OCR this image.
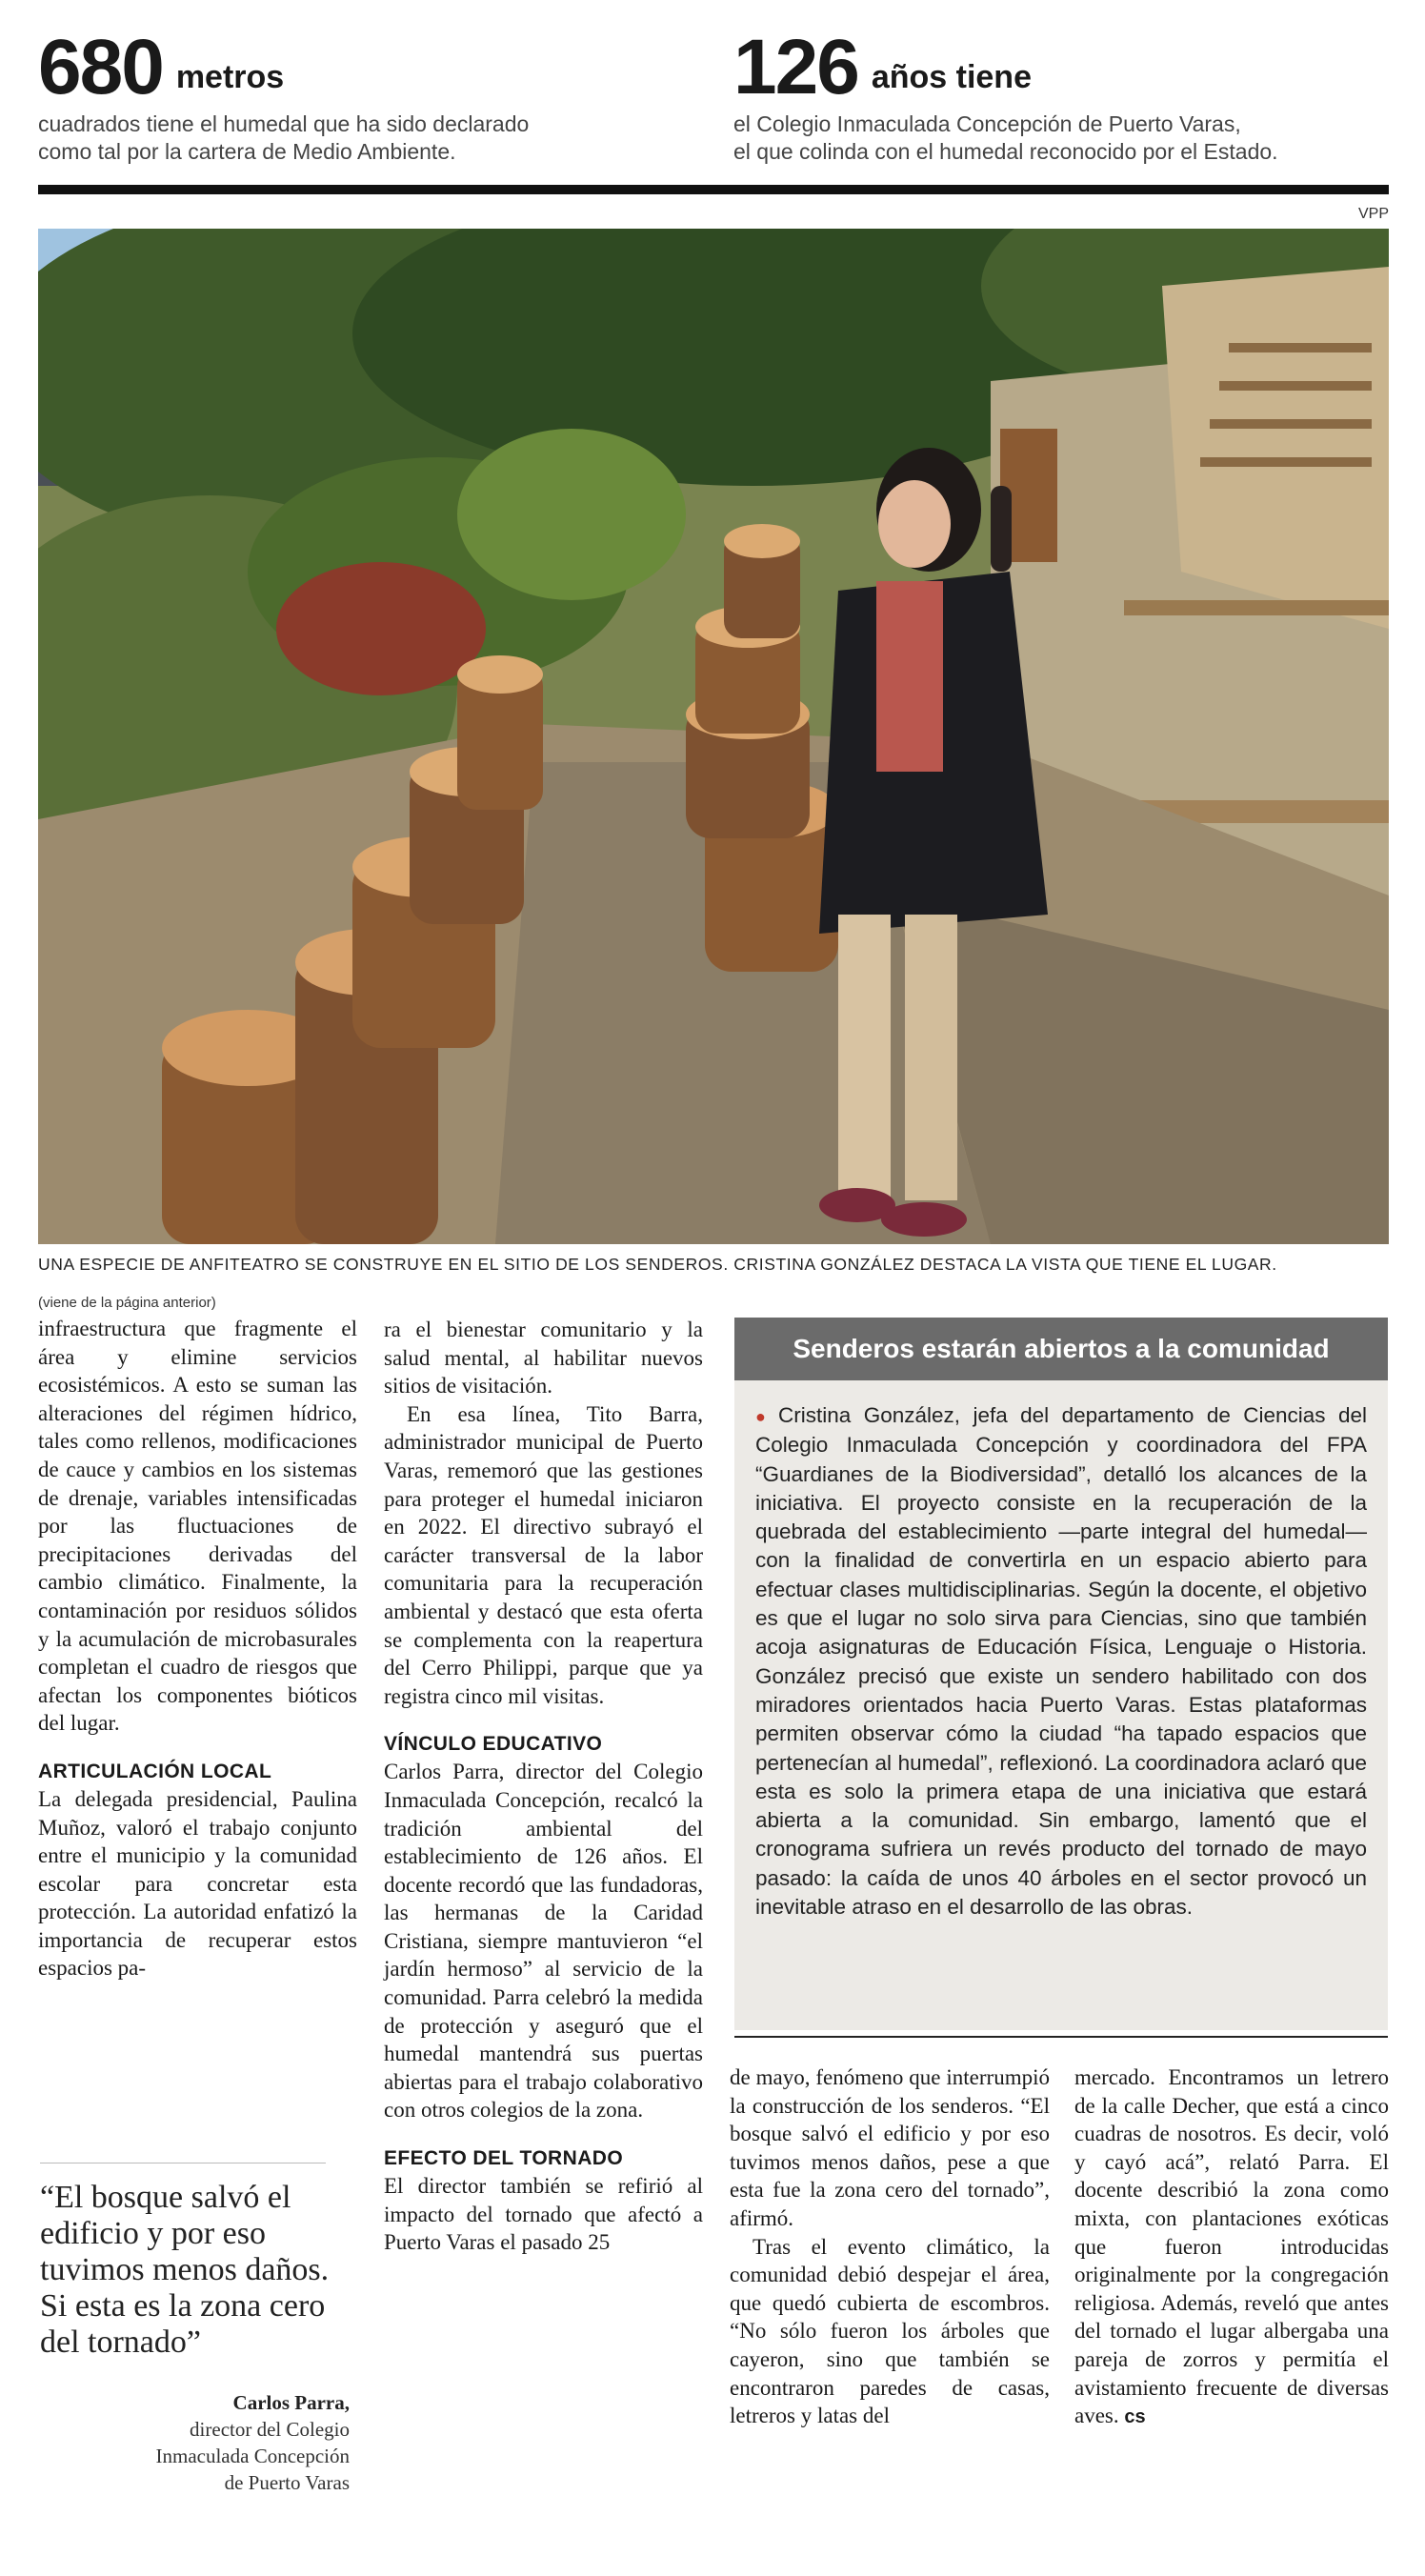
680 metros
cuadrados tiene el humedal que ha sido declarado
como tal por la cartera de Medio Ambiente.
126 años tiene
el Colegio Inmaculada Concepción de Puerto Varas,
el que colinda con el humedal reconocido por el Estado.
VPP
UNA ESPECIE DE ANFITEATRO SE CONSTRUYE EN EL SITIO DE LOS SENDEROS. CRISTINA GONZÁLEZ DESTACA LA VISTA QUE TIENE EL LUGAR.
(viene de la página anterior)

infraestructura que fragmente el área y elimine servicios ecosistémicos. A esto se suman las alteraciones del régimen hídrico, tales como rellenos, modificaciones de cauce y cambios en los sistemas de drenaje, variables intensificadas por las fluctuaciones de precipitaciones derivadas del cambio climático. Finalmente, la contaminación por residuos sólidos y la acumulación de microbasurales completan el cuadro de riesgos que afectan los componentes bióticos del lugar.

ARTICULACIÓN LOCAL

La delegada presidencial, Paulina Muñoz, valoró el trabajo conjunto entre el municipio y la comunidad escolar para concretar esta protección. La autoridad enfatizó la importancia de recuperar estos espacios pa-

“El bosque salvó el edificio y por eso tuvimos menos daños. Si esta es la zona cero del tornado”
Carlos Parra,
director del Colegio
Inmaculada Concepción
de Puerto Varas

ra el bienestar comunitario y la salud mental, al habilitar nuevos sitios de visitación.

En esa línea, Tito Barra, administrador municipal de Puerto Varas, rememoró que las gestiones para proteger el humedal iniciaron en 2022. El directivo subrayó el carácter transversal de la labor comunitaria para la recuperación ambiental y destacó que esta oferta se complementa con la reapertura del Cerro Philippi, parque que ya registra cinco mil visitas.

VÍNCULO EDUCATIVO

Carlos Parra, director del Colegio Inmaculada Concepción, recalcó la tradición ambiental del establecimiento de 126 años. El docente recordó que las fundadoras, las hermanas de la Caridad Cristiana, siempre mantuvieron “el jardín hermoso” al servicio de la comunidad. Parra celebró la medida de protección y aseguró que el humedal mantendrá sus puertas abiertas para el trabajo colaborativo con otros colegios de la zona.

EFECTO DEL TORNADO

El director también se refirió al impacto del tornado que afectó a Puerto Varas el pasado 25

Senderos estarán abiertos a la comunidad
● Cristina González, jefa del departamento de Ciencias del Colegio Inmaculada Concepción y coordinadora del FPA “Guardianes de la Biodiversidad”, detalló los alcances de la iniciativa. El proyecto consiste en la recuperación de la quebrada del establecimiento —parte integral del humedal— con la finalidad de convertirla en un espacio abierto para efectuar clases multidisciplinarias. Según la docente, el objetivo es que el lugar no solo sirva para Ciencias, sino que también acoja asignaturas de Educación Física, Lenguaje o Historia. González precisó que existe un sendero habilitado con dos miradores orientados hacia Puerto Varas. Estas plataformas permiten observar cómo la ciudad “ha tapado espacios que pertenecían al humedal”, reflexionó. La coordinadora aclaró que esta es solo la primera etapa de una iniciativa que estará abierta a la comunidad. Sin embargo, lamentó que el cronograma sufriera un revés producto del tornado de mayo pasado: la caída de unos 40 árboles en el sector provocó un inevitable atraso en el desarrollo de las obras.

de mayo, fenómeno que interrumpió la construcción de los senderos. “El bosque salvó el edificio y por eso tuvimos menos daños, pese a que esta fue la zona cero del tornado”, afirmó.

Tras el evento climático, la comunidad debió despejar el área, que quedó cubierta de escombros. “No sólo fueron los árboles que cayeron, sino que también se encontraron paredes de casas, letreros y latas del

mercado. Encontramos un letrero de la calle Decher, que está a cinco cuadras de nosotros. Es decir, voló y cayó acá”, relató Parra. El docente describió la zona como mixta, con plantaciones exóticas que fueron introducidas originalmente por la congregación religiosa. Además, reveló que antes del tornado el lugar albergaba una pareja de zorros y permitía el avistamiento frecuente de diversas aves. cs
